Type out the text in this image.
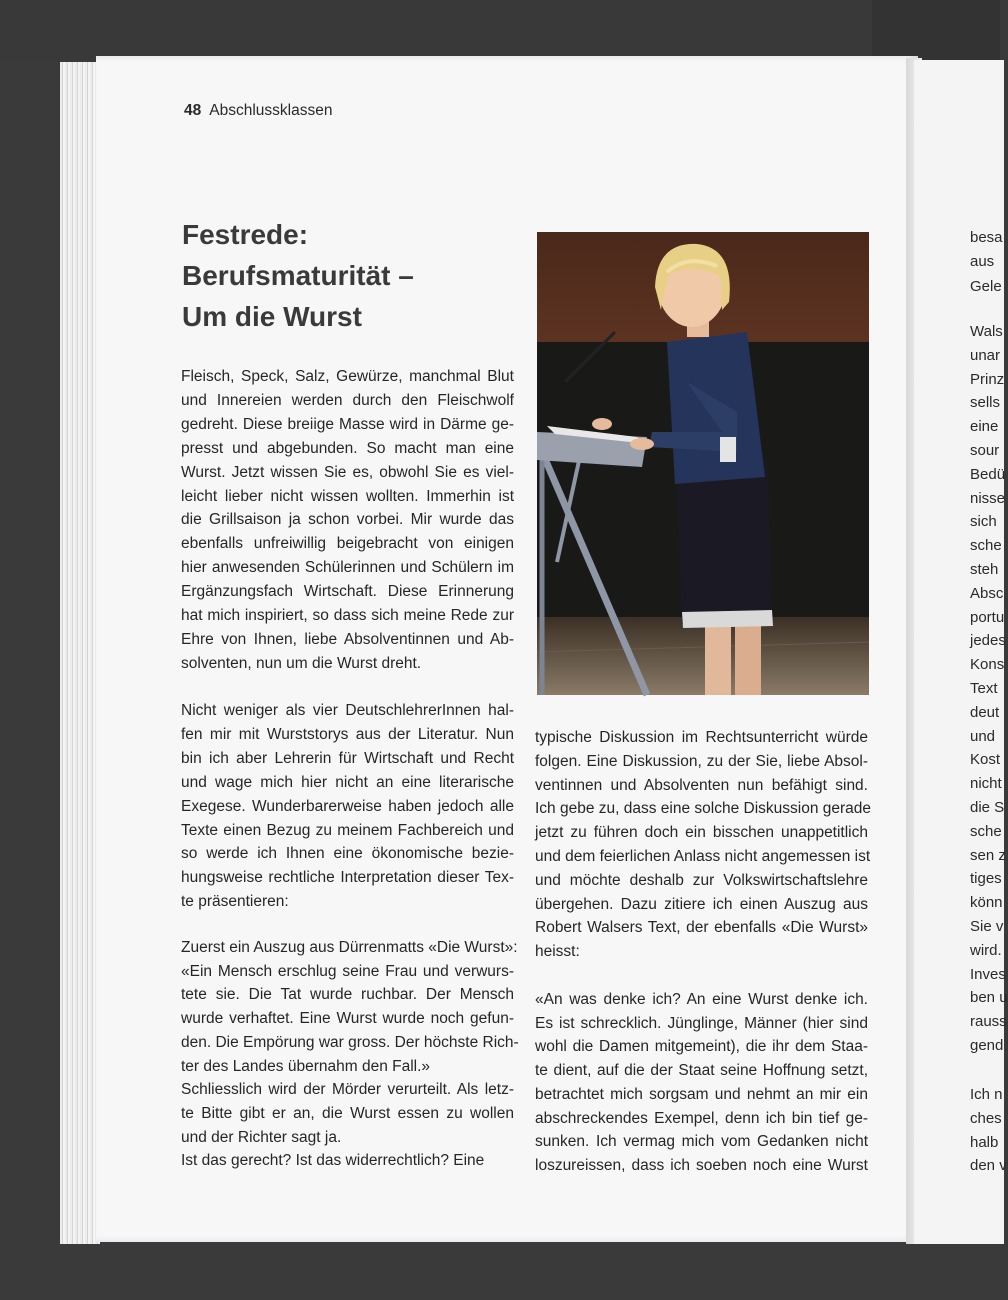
besa
aus
Gele
Wals
unar
Prinz
sells
eine
sour
Bedü
nisse
sich
sche
steh
Absc
portu
jedes
Kons
Text
deut
und
Kost
nicht
die S
sche
sen z
tiges
könn
Sie v
wird.
Inves
ben u
rauss
gend
Ich n
ches
halb
den v
48 Abschlussklassen
Festrede:
Berufsmaturität –
Um die Wurst
Fleisch, Speck, Salz, Gewürze, manchmal Blut
und Innereien werden durch den Fleischwolf
gedreht. Diese breiige Masse wird in Därme ge-
presst und abgebunden. So macht man eine
Wurst. Jetzt wissen Sie es, obwohl Sie es viel-
leicht lieber nicht wissen wollten. Immerhin ist
die Grillsaison ja schon vorbei. Mir wurde das
ebenfalls unfreiwillig beigebracht von einigen
hier anwesenden Schülerinnen und Schülern im
Ergänzungsfach Wirtschaft. Diese Erinnerung
hat mich inspiriert, so dass sich meine Rede zur
Ehre von Ihnen, liebe Absolventinnen und Ab-
solventen, nun um die Wurst dreht.
Nicht weniger als vier DeutschlehrerInnen hal-
fen mir mit Wurststorys aus der Literatur. Nun
bin ich aber Lehrerin für Wirtschaft und Recht
und wage mich hier nicht an eine literarische
Exegese. Wunderbarerweise haben jedoch alle
Texte einen Bezug zu meinem Fachbereich und
so werde ich Ihnen eine ökonomische bezie-
hungsweise rechtliche Interpretation dieser Tex-
te präsentieren:
Zuerst ein Auszug aus Dürrenmatts «Die Wurst»:
«Ein Mensch erschlug seine Frau und verwurs-
tete sie. Die Tat wurde ruchbar. Der Mensch
wurde verhaftet. Eine Wurst wurde noch gefun-
den. Die Empörung war gross. Der höchste Rich-
ter des Landes übernahm den Fall.»
Schliesslich wird der Mörder verurteilt. Als letz-
te Bitte gibt er an, die Wurst essen zu wollen
und der Richter sagt ja.
Ist das gerecht? Ist das widerrechtlich? Eine
typische Diskussion im Rechtsunterricht würde
folgen. Eine Diskussion, zu der Sie, liebe Absol-
ventinnen und Absolventen nun befähigt sind.
Ich gebe zu, dass eine solche Diskussion gerade
jetzt zu führen doch ein bisschen unappetitlich
und dem feierlichen Anlass nicht angemessen ist
und möchte deshalb zur Volkswirtschaftslehre
übergehen. Dazu zitiere ich einen Auszug aus
Robert Walsers Text, der ebenfalls «Die Wurst»
heisst:
«An was denke ich? An eine Wurst denke ich.
Es ist schrecklich. Jünglinge, Männer (hier sind
wohl die Damen mitgemeint), die ihr dem Staa-
te dient, auf die der Staat seine Hoffnung setzt,
betrachtet mich sorgsam und nehmt an mir ein
abschreckendes Exempel, denn ich bin tief ge-
sunken. Ich vermag mich vom Gedanken nicht
loszureissen, dass ich soeben noch eine Wurst
